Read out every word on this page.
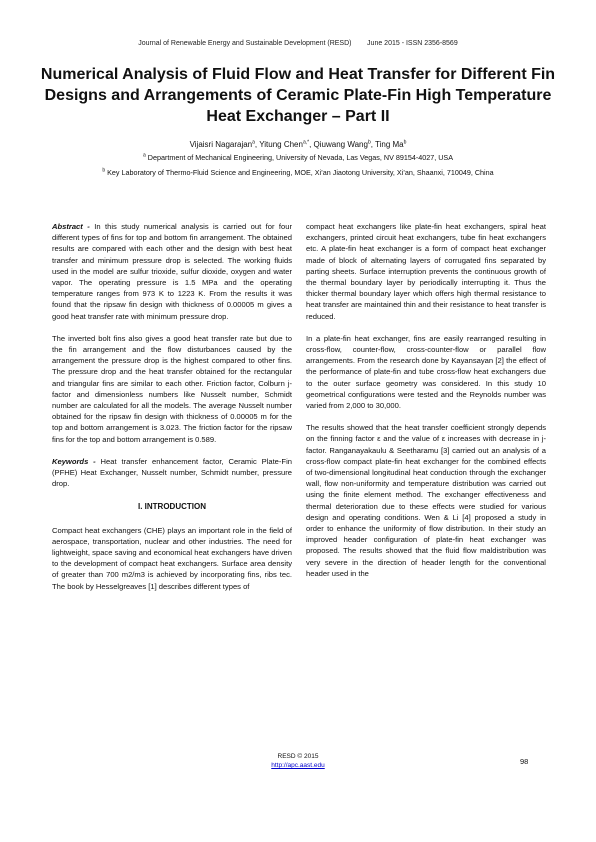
Journal of Renewable Energy and Sustainable Development (RESD) June 2015 - ISSN 2356-8569
Numerical Analysis of Fluid Flow and Heat Transfer for Different Fin Designs and Arrangements of Ceramic Plate-Fin High Temperature Heat Exchanger – Part II
Vijaisri Nagarajan$^a$, Yitung Chen$^{a,*}$, Qiuwang Wang$^b$, Ting Ma$^b$
$^a$ Department of Mechanical Engineering, University of Nevada, Las Vegas, NV 89154-4027, USA
$^b$ Key Laboratory of Thermo-Fluid Science and Engineering, MOE, Xi’an Jiaotong University, Xi’an, Shaanxi, 710049, China

Abstract - In this study numerical analysis is carried out for four different types of fins for top and bottom fin arrangement. The obtained results are compared with each other and the design with best heat transfer and minimum pressure drop is selected. The working fluids used in the model are sulfur trioxide, sulfur dioxide, oxygen and water vapor. The operating pressure is 1.5 MPa and the operating temperature ranges from 973 K to 1223 K. From the results it was found that the ripsaw fin design with thickness of 0.00005 m gives a good heat transfer rate with minimum pressure drop.

The inverted bolt fins also gives a good heat transfer rate but due to the fin arrangement and the flow disturbances caused by the arrangement the pressure drop is the highest compared to other fins. The pressure drop and the heat transfer obtained for the rectangular and triangular fins are similar to each other. Friction factor, Colburn j- factor and dimensionless numbers like Nusselt number, Schmidt number are calculated for all the models. The average Nusselt number obtained for the ripsaw fin design with thickness of 0.00005 m for the top and bottom arrangement is 3.023. The friction factor for the ripsaw fins for the top and bottom arrangement is 0.589.

Keywords - Heat transfer enhancement factor, Ceramic Plate-Fin (PFHE) Heat Exchanger, Nusselt number, Schmidt number, pressure drop.

I. INTRODUCTION

Compact heat exchangers (CHE) plays an important role in the field of aerospace, transportation, nuclear and other industries. The need for lightweight, space saving and economical heat exchangers have driven to the development of compact heat exchangers. Surface area density of greater than 700 m2/m3 is achieved by incorporating fins, ribs tec. The book by Hesselgreaves [1] describes different types of

compact heat exchangers like plate-fin heat exchangers, spiral heat exchangers, printed circuit heat exchangers, tube fin heat exchangers etc. A plate-fin heat exchanger is a form of compact heat exchanger made of block of alternating layers of corrugated fins separated by parting sheets. Surface interruption prevents the continuous growth of the thermal boundary layer by periodically interrupting it. Thus the thicker thermal boundary layer which offers high thermal resistance to heat transfer are maintained thin and their resistance to heat transfer is reduced.

In a plate-fin heat exchanger, fins are easily rearranged resulting in cross-flow, counter-flow, cross-counter-flow or parallel flow arrangements. From the research done by Kayansayan [2] the effect of the performance of plate-fin and tube cross-flow heat exchangers due to the outer surface geometry was considered. In this study 10 geometrical configurations were tested and the Reynolds number was varied from 2,000 to 30,000.

The results showed that the heat transfer coefficient strongly depends on the finning factor ε and the value of ε increases with decrease in j-factor. Ranganayakaulu & Seetharamu [3] carried out an analysis of a cross-flow compact plate-fin heat exchanger for the combined effects of two-dimensional longitudinal heat conduction through the exchanger wall, flow non-uniformity and temperature distribution was carried out using the finite element method. The exchanger effectiveness and thermal deterioration due to these effects were studied for various design and operating conditions. Wen & Li [4] proposed a study in order to enhance the uniformity of flow distribution. In their study an improved header configuration of plate-fin heat exchanger was proposed. The results showed that the fluid flow maldistribution was very severe in the direction of header length for the conventional header used in the

RESD © 2015
http://apc.aast.edu	98
